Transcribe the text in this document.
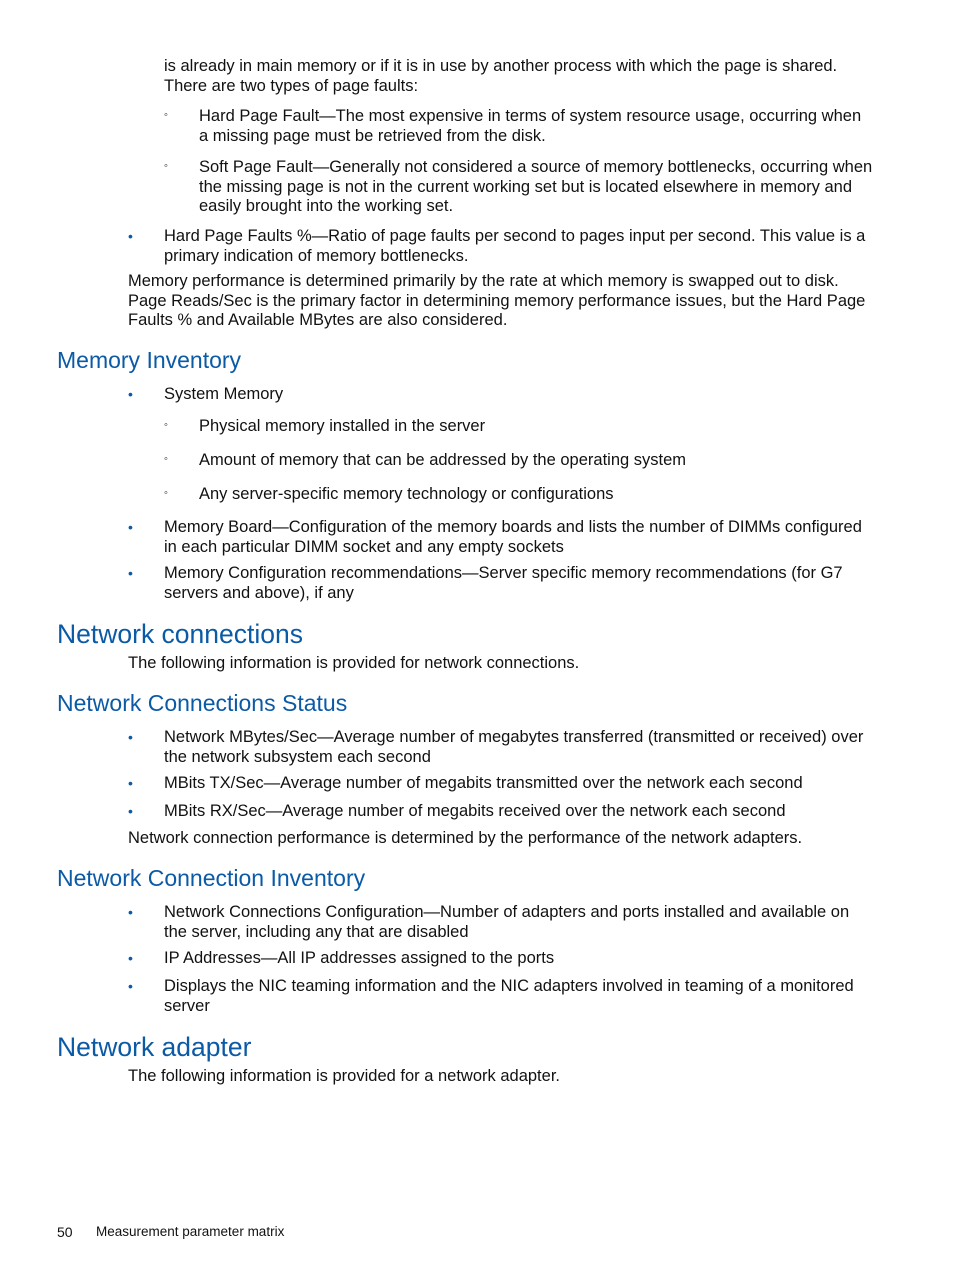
is already in main memory or if it is in use by another process with which the page is shared. There are two types of page faults:
◦ Hard Page Fault—The most expensive in terms of system resource usage, occurring when a missing page must be retrieved from the disk.
◦ Soft Page Fault—Generally not considered a source of memory bottlenecks, occurring when the missing page is not in the current working set but is located elsewhere in memory and easily brought into the working set.
•	Hard Page Faults %—Ratio of page faults per second to pages input per second. This value is a primary indication of memory bottlenecks.
Memory performance is determined primarily by the rate at which memory is swapped out to disk. Page Reads/Sec is the primary factor in determining memory performance issues, but the Hard Page Faults % and Available MBytes are also considered.
Memory Inventory
•	System Memory
◦ Physical memory installed in the server
◦ Amount of memory that can be addressed by the operating system
◦ Any server-specific memory technology or configurations
•	Memory Board—Configuration of the memory boards and lists the number of DIMMs configured in each particular DIMM socket and any empty sockets
•	Memory Configuration recommendations—Server specific memory recommendations (for G7 servers and above), if any
Network connections
The following information is provided for network connections.
Network Connections Status
•	Network MBytes/Sec—Average number of megabytes transferred (transmitted or received) over the network subsystem each second
•	MBits TX/Sec—Average number of megabits transmitted over the network each second
•	MBits RX/Sec—Average number of megabits received over the network each second
Network connection performance is determined by the performance of the network adapters.
Network Connection Inventory
•	Network Connections Configuration—Number of adapters and ports installed and available on the server, including any that are disabled
•	IP Addresses—All IP addresses assigned to the ports
•	Displays the NIC teaming information and the NIC adapters involved in teaming of a monitored server
Network adapter
The following information is provided for a network adapter.
50 Measurement parameter matrix
